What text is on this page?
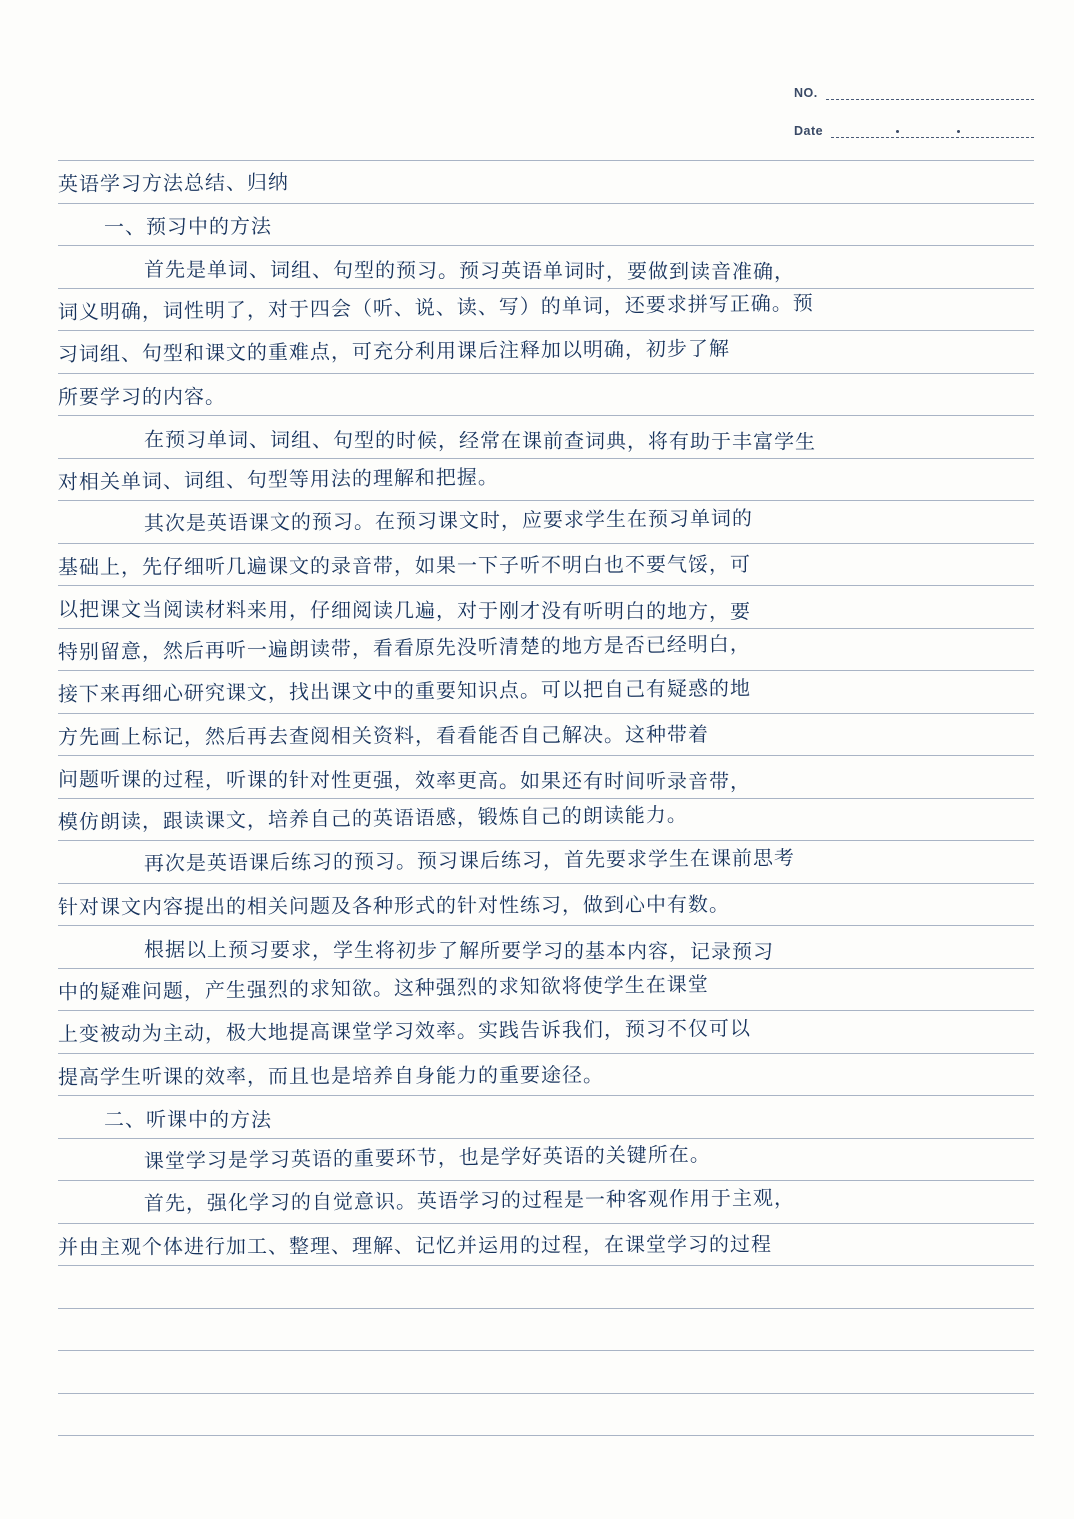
NO.
Date
英语学习方法总结、归纳
一、预习中的方法
首先是单词、词组、句型的预习。预习英语单词时，要做到读音准确，
词义明确，词性明了，对于四会（听、说、读、写）的单词，还要求拼写正确。预
习词组、句型和课文的重难点，可充分利用课后注释加以明确，初步了解
所要学习的内容。
在预习单词、词组、句型的时候，经常在课前查词典，将有助于丰富学生
对相关单词、词组、句型等用法的理解和把握。
其次是英语课文的预习。在预习课文时，应要求学生在预习单词的
基础上，先仔细听几遍课文的录音带，如果一下子听不明白也不要气馁，可
以把课文当阅读材料来用，仔细阅读几遍，对于刚才没有听明白的地方，要
特别留意，然后再听一遍朗读带，看看原先没听清楚的地方是否已经明白，
接下来再细心研究课文，找出课文中的重要知识点。可以把自己有疑惑的地
方先画上标记，然后再去查阅相关资料，看看能否自己解决。这种带着
问题听课的过程，听课的针对性更强，效率更高。如果还有时间听录音带，
模仿朗读，跟读课文，培养自己的英语语感，锻炼自己的朗读能力。
再次是英语课后练习的预习。预习课后练习，首先要求学生在课前思考
针对课文内容提出的相关问题及各种形式的针对性练习，做到心中有数。
根据以上预习要求，学生将初步了解所要学习的基本内容，记录预习
中的疑难问题，产生强烈的求知欲。这种强烈的求知欲将使学生在课堂
上变被动为主动，极大地提高课堂学习效率。实践告诉我们，预习不仅可以
提高学生听课的效率，而且也是培养自身能力的重要途径。
二、听课中的方法
课堂学习是学习英语的重要环节，也是学好英语的关键所在。
首先，强化学习的自觉意识。英语学习的过程是一种客观作用于主观，
并由主观个体进行加工、整理、理解、记忆并运用的过程，在课堂学习的过程
